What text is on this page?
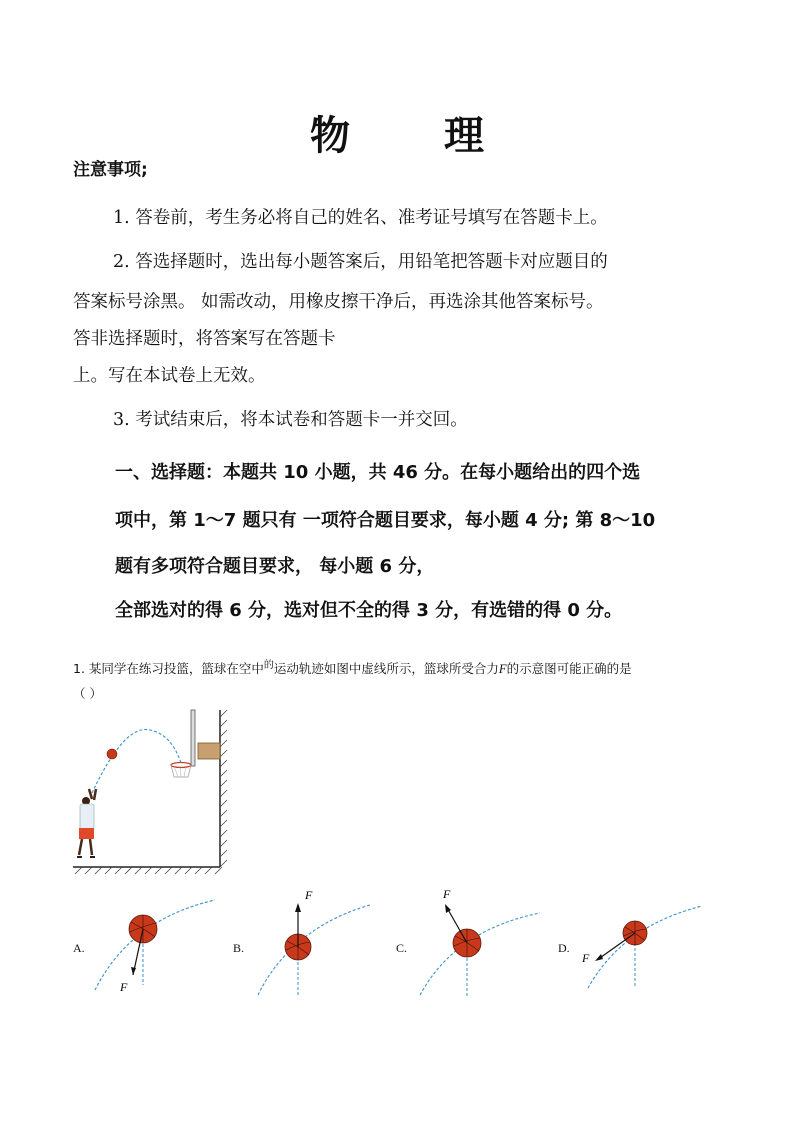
物 理
注意事项;
1. 答卷前，考生务必将自己的姓名、准考证号填写在答题卡上。
2. 答选择题时，选出每小题答案后，用铅笔把答题卡对应题目的
答案标号涂黑。 如需改动，用橡皮擦干净后，再选涂其他答案标号。
答非选择题时，将答案写在答题卡
上。写在本试卷上无效。
3. 考试结束后，将本试卷和答题卡一并交回。
一、选择题：本题共 10 小题，共 46 分。在每小题给出的四个选
项中，第 1～7 题只有 一项符合题目要求，每小题 4 分; 第 8～10
题有多项符合题目要求， 每小题 6 分，
全部选对的得 6 分，选对但不全的得 3 分，有选错的得 0 分。
1. 某同学在练习投篮，篮球在空中$^的$运动轨迹如图中虚线所示，篮球所受合力F的示意图可能正确的是
（ ）
A.
F
B.
F
C.
F
D.
F
